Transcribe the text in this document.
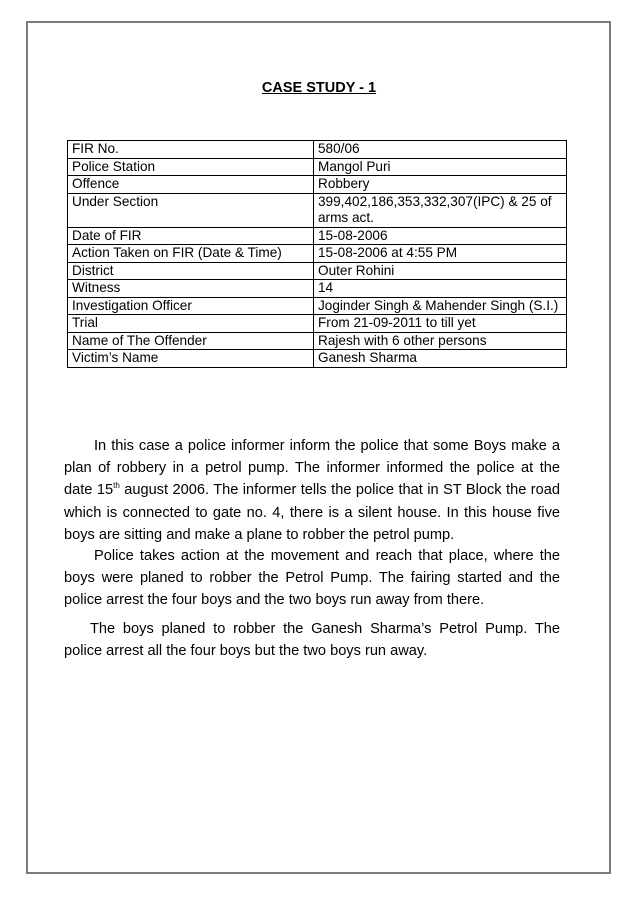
CASE STUDY - 1
FIR No.	580/06
Police Station	Mangol Puri
Offence	Robbery
Under Section	399,402,186,353,332,307(IPC) & 25 of arms act.
Date of FIR	15-08-2006
Action Taken on FIR (Date & Time)	15-08-2006 at 4:55 PM
District	Outer Rohini
Witness	14
Investigation Officer	Joginder Singh & Mahender Singh (S.I.)
Trial	From 21-09-2011 to till yet
Name of The Offender	Rajesh with 6 other persons
Victim’s Name	Ganesh Sharma

In this case a police informer inform the police that some Boys make a plan of robbery in a petrol pump. The informer informed the police at the date 15th august 2006. The informer tells the police that in ST Block the road which is connected to gate no. 4, there is a silent house. In this house five boys are sitting and make a plane to robber the petrol pump.

Police takes action at the movement and reach that place, where the boys were planed to robber the Petrol Pump. The fairing started and the police arrest the four boys and the two boys run away from there.

The boys planed to robber the Ganesh Sharma’s Petrol Pump. The police arrest all the four boys but the two boys run away.
